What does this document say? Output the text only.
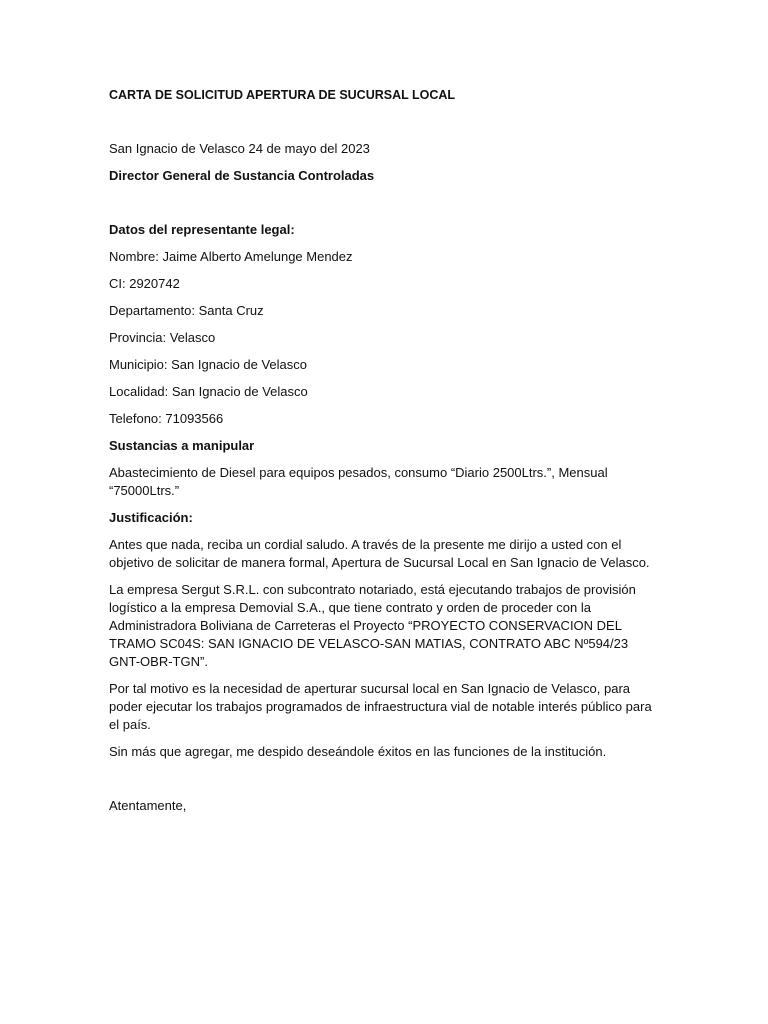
CARTA DE SOLICITUD APERTURA DE SUCURSAL LOCAL

San Ignacio de Velasco 24 de mayo del 2023

Director General de Sustancia Controladas

Datos del representante legal:

Nombre: Jaime Alberto Amelunge Mendez

CI: 2920742

Departamento: Santa Cruz

Provincia: Velasco

Municipio: San Ignacio de Velasco

Localidad: San Ignacio de Velasco

Telefono: 71093566

Sustancias a manipular

Abastecimiento de Diesel para equipos pesados, consumo “Diario 2500Ltrs.”, Mensual “75000Ltrs.”

Justificación:

Antes que nada, reciba un cordial saludo. A través de la presente me dirijo a usted con el objetivo de solicitar de manera formal, Apertura de Sucursal Local en San Ignacio de Velasco.

La empresa Sergut S.R.L. con subcontrato notariado, está ejecutando trabajos de provisión logístico a la empresa Demovial S.A., que tiene contrato y orden de proceder con la Administradora Boliviana de Carreteras el Proyecto “PROYECTO CONSERVACION DEL TRAMO SC04S: SAN IGNACIO DE VELASCO-SAN MATIAS, CONTRATO ABC Nº594/23 GNT-OBR-TGN”.

Por tal motivo es la necesidad de aperturar sucursal local en San Ignacio de Velasco, para poder ejecutar los trabajos programados de infraestructura vial de notable interés público para el país.

Sin más que agregar, me despido deseándole éxitos en las funciones de la institución.

Atentamente,
